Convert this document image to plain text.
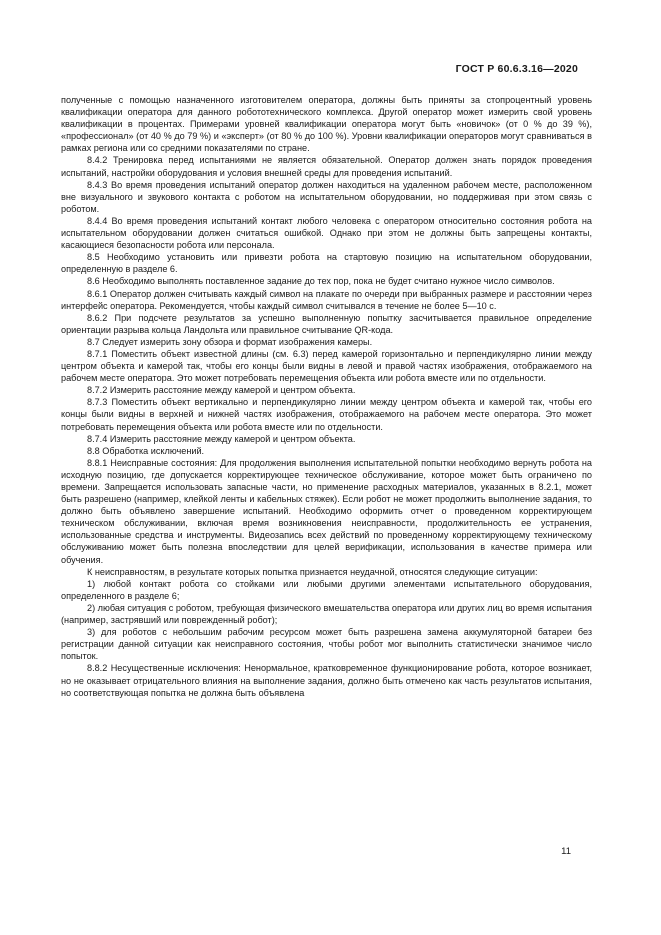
ГОСТ Р 60.6.3.16—2020

полученные с помощью назначенного изготовителем оператора, должны быть приняты за стопроцентный уровень квалификации оператора для данного робототехнического комплекса. Другой оператор может измерить свой уровень квалификации в процентах. Примерами уровней квалификации оператора могут быть «новичок» (от 0 % до 39 %), «профессионал» (от 40 % до 79 %) и «эксперт» (от 80 % до 100 %). Уровни квалификации операторов могут сравниваться в рамках региона или со средними показателями по стране.

8.4.2 Тренировка перед испытаниями не является обязательной. Оператор должен знать порядок проведения испытаний, настройки оборудования и условия внешней среды для проведения испытаний.

8.4.3 Во время проведения испытаний оператор должен находиться на удаленном рабочем месте, расположенном вне визуального и звукового контакта с роботом на испытательном оборудовании, но поддерживая при этом связь с роботом.

8.4.4 Во время проведения испытаний контакт любого человека с оператором относительно состояния робота на испытательном оборудовании должен считаться ошибкой. Однако при этом не должны быть запрещены контакты, касающиеся безопасности робота или персонала.

8.5 Необходимо установить или привезти робота на стартовую позицию на испытательном оборудовании, определенную в разделе 6.

8.6 Необходимо выполнять поставленное задание до тех пор, пока не будет считано нужное число символов.

8.6.1 Оператор должен считывать каждый символ на плакате по очереди при выбранных размере и расстоянии через интерфейс оператора. Рекомендуется, чтобы каждый символ считывался в течение не более 5—10 с.

8.6.2 При подсчете результатов за успешно выполненную попытку засчитывается правильное определение ориентации разрыва кольца Ландольта или правильное считывание QR-кода.

8.7 Следует измерить зону обзора и формат изображения камеры.

8.7.1 Поместить объект известной длины (см. 6.3) перед камерой горизонтально и перпендикулярно линии между центром объекта и камерой так, чтобы его концы были видны в левой и правой частях изображения, отображаемого на рабочем месте оператора. Это может потребовать перемещения объекта или робота вместе или по отдельности.

8.7.2 Измерить расстояние между камерой и центром объекта.

8.7.3 Поместить объект вертикально и перпендикулярно линии между центром объекта и камерой так, чтобы его концы были видны в верхней и нижней частях изображения, отображаемого на рабочем месте оператора. Это может потребовать перемещения объекта или робота вместе или по отдельности.

8.7.4 Измерить расстояние между камерой и центром объекта.

8.8 Обработка исключений.

8.8.1 Неисправные состояния: Для продолжения выполнения испытательной попытки необходимо вернуть робота на исходную позицию, где допускается корректирующее техническое обслуживание, которое может быть ограничено по времени. Запрещается использовать запасные части, но применение расходных материалов, указанных в 8.2.1, может быть разрешено (например, клейкой ленты и кабельных стяжек). Если робот не может продолжить выполнение задания, то должно быть объявлено завершение испытаний. Необходимо оформить отчет о проведенном корректирующем техническом обслуживании, включая время возникновения неисправности, продолжительность ее устранения, использованные средства и инструменты. Видеозапись всех действий по проведенному корректирующему техническому обслуживанию может быть полезна впоследствии для целей верификации, использования в качестве примера или обучения.

К неисправностям, в результате которых попытка признается неудачной, относятся следующие ситуации:

1) любой контакт робота со стойками или любыми другими элементами испытательного оборудования, определенного в разделе 6;

2) любая ситуация с роботом, требующая физического вмешательства оператора или других лиц во время испытания (например, застрявший или поврежденный робот);

3) для роботов с небольшим рабочим ресурсом может быть разрешена замена аккумуляторной батареи без регистрации данной ситуации как неисправного состояния, чтобы робот мог выполнить статистически значимое число попыток.

8.8.2 Несущественные исключения: Ненормальное, кратковременное функционирование робота, которое возникает, но не оказывает отрицательного влияния на выполнение задания, должно быть отмечено как часть результатов испытания, но соответствующая попытка не должна быть объявлена

11
